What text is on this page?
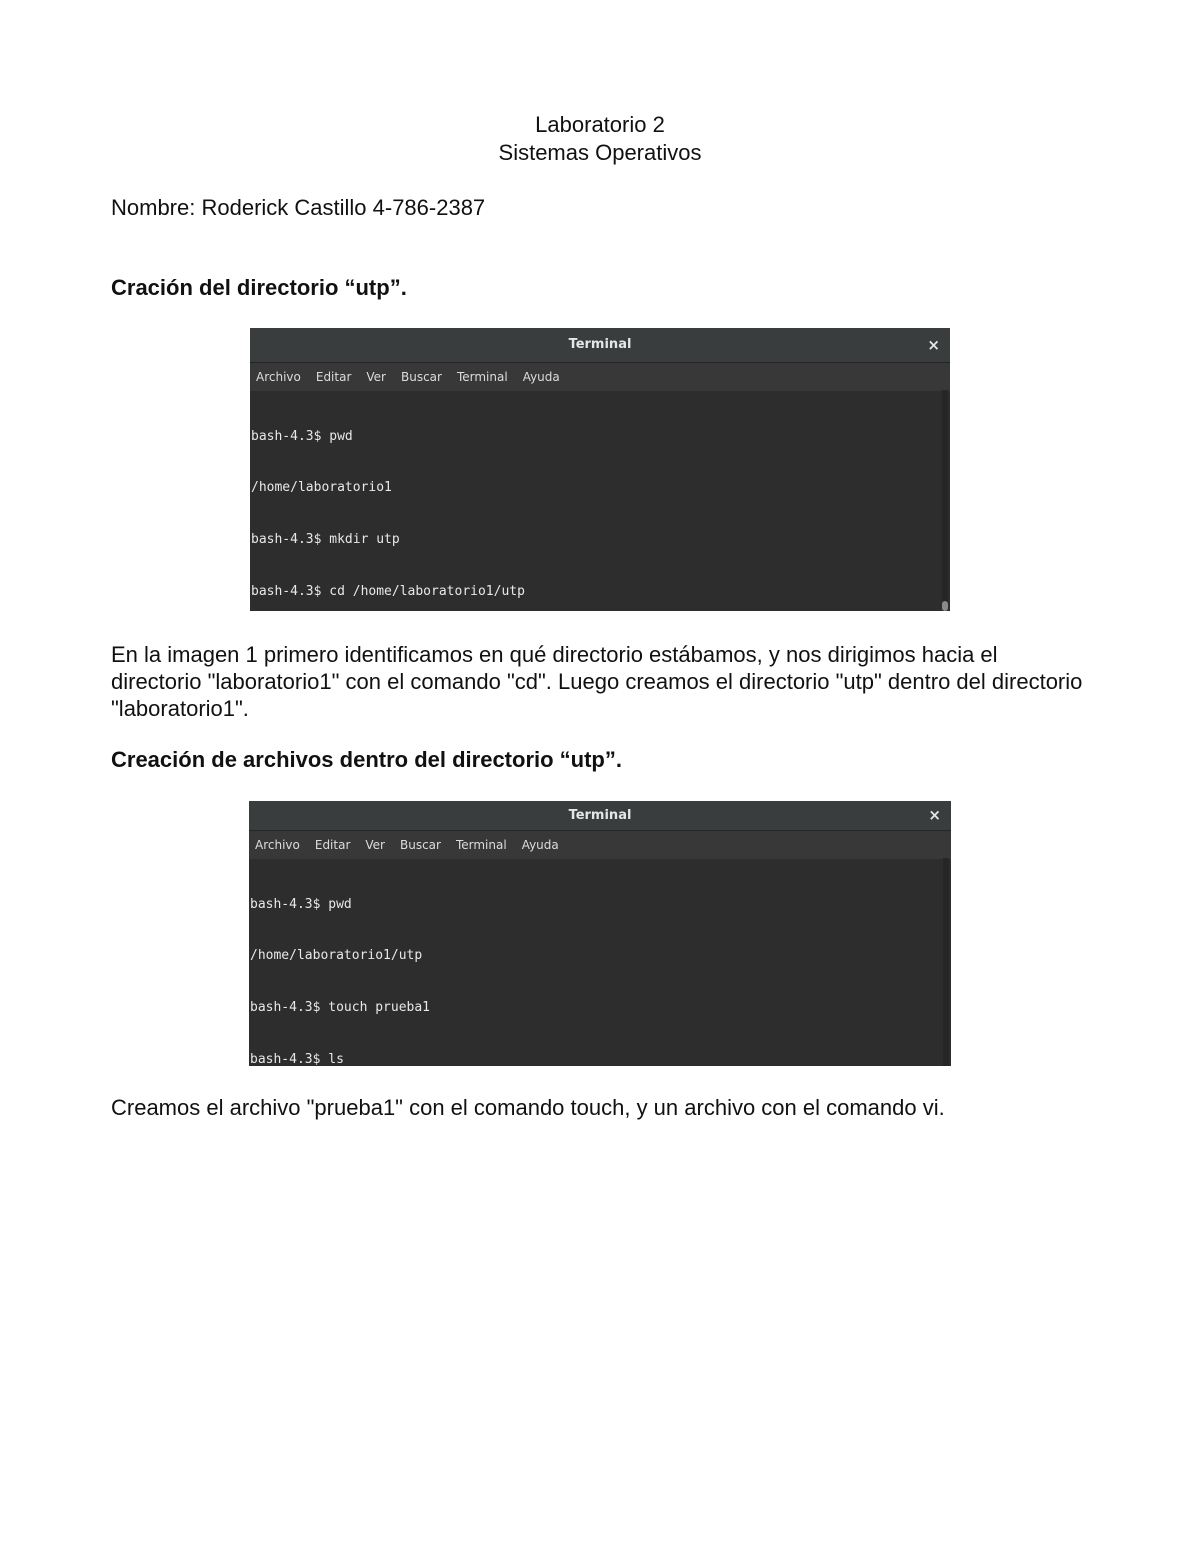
Laboratorio 2
Sistemas Operativos
Nombre: Roderick Castillo 4-786-2387
Cración del directorio “utp”.
Terminal	×
Archivo Editar Ver Buscar Terminal Ayuda

bash-4.3$ pwd

/home/laboratorio1

bash-4.3$ mkdir utp

bash-4.3$ cd /home/laboratorio1/utp

En la imagen 1 primero identificamos en qué directorio estábamos, y nos dirigimos hacia el directorio "laboratorio1" con el comando "cd". Luego creamos el directorio "utp" dentro del directorio "laboratorio1".
Creación de archivos dentro del directorio “utp”.
Terminal	×
Archivo Editar Ver Buscar Terminal Ayuda

bash-4.3$ pwd

/home/laboratorio1/utp

bash-4.3$ touch prueba1

bash-4.3$ ls

Creamos el archivo "prueba1" con el comando touch, y un archivo con el comando vi.
